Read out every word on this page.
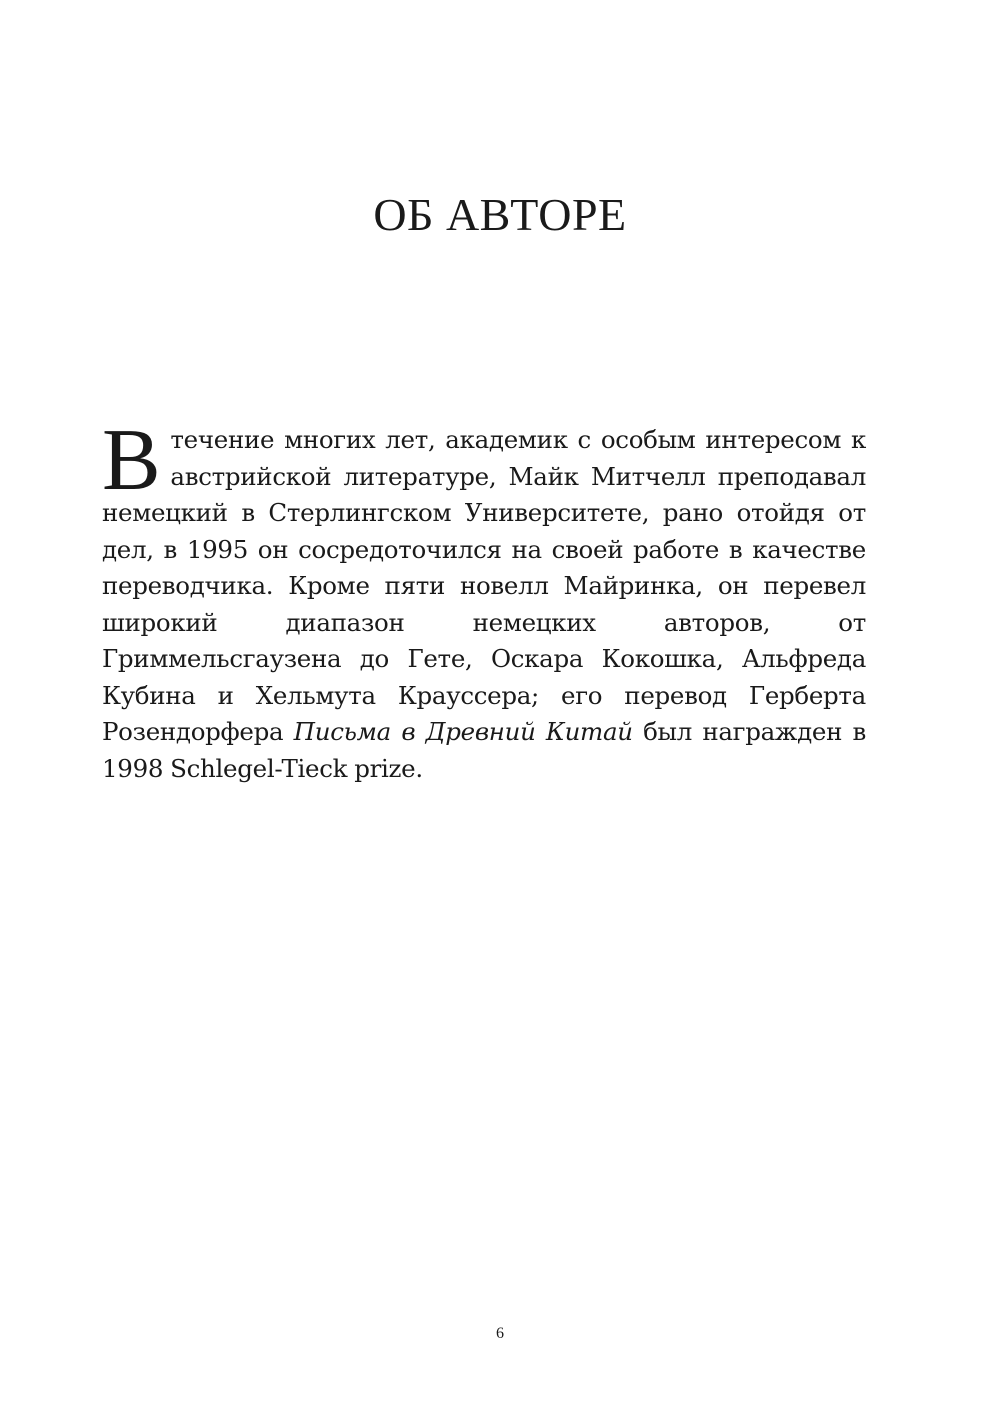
ОБ АВТОРЕ

В течение многих лет, академик с особым интересом к австрийской литературе, Майк Митчелл преподавал немецкий в Стерлингском Университете, рано отойдя от дел, в 1995 он сосредоточился на своей работе в качестве переводчика. Кроме пяти новелл Майринка, он перевел широкий диапазон немецких авторов, от Гриммельсгаузена до Гете, Оскара Кокошка, Альфреда Кубина и Хельмута Крауссера; его перевод Герберта Розендорфера Письма в Древний Китай был награжден в 1998 Schlegel-Tieck prize.

6
